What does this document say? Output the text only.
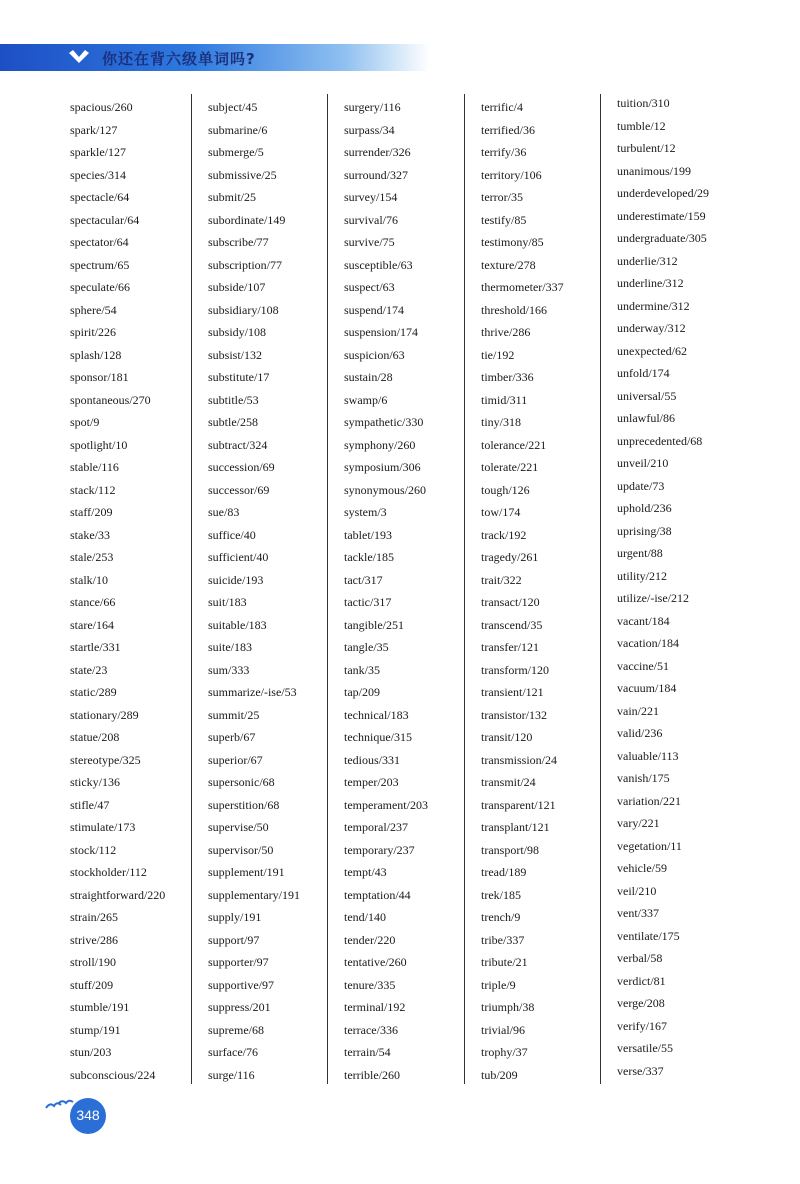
你还在背六级单词吗?
spacious/260
spark/127
sparkle/127
species/314
spectacle/64
spectacular/64
spectator/64
spectrum/65
speculate/66
sphere/54
spirit/226
splash/128
sponsor/181
spontaneous/270
spot/9
spotlight/10
stable/116
stack/112
staff/209
stake/33
stale/253
stalk/10
stance/66
stare/164
startle/331
state/23
static/289
stationary/289
statue/208
stereotype/325
sticky/136
stifle/47
stimulate/173
stock/112
stockholder/112
straightforward/220
strain/265
strive/286
stroll/190
stuff/209
stumble/191
stump/191
stun/203
subconscious/224
subject/45
submarine/6
submerge/5
submissive/25
submit/25
subordinate/149
subscribe/77
subscription/77
subside/107
subsidiary/108
subsidy/108
subsist/132
substitute/17
subtitle/53
subtle/258
subtract/324
succession/69
successor/69
sue/83
suffice/40
sufficient/40
suicide/193
suit/183
suitable/183
suite/183
sum/333
summarize/-ise/53
summit/25
superb/67
superior/67
supersonic/68
superstition/68
supervise/50
supervisor/50
supplement/191
supplementary/191
supply/191
support/97
supporter/97
supportive/97
suppress/201
supreme/68
surface/76
surge/116
surgery/116
surpass/34
surrender/326
surround/327
survey/154
survival/76
survive/75
susceptible/63
suspect/63
suspend/174
suspension/174
suspicion/63
sustain/28
swamp/6
sympathetic/330
symphony/260
symposium/306
synonymous/260
system/3
tablet/193
tackle/185
tact/317
tactic/317
tangible/251
tangle/35
tank/35
tap/209
technical/183
technique/315
tedious/331
temper/203
temperament/203
temporal/237
temporary/237
tempt/43
temptation/44
tend/140
tender/220
tentative/260
tenure/335
terminal/192
terrace/336
terrain/54
terrible/260
terrific/4
terrified/36
terrify/36
territory/106
terror/35
testify/85
testimony/85
texture/278
thermometer/337
threshold/166
thrive/286
tie/192
timber/336
timid/311
tiny/318
tolerance/221
tolerate/221
tough/126
tow/174
track/192
tragedy/261
trait/322
transact/120
transcend/35
transfer/121
transform/120
transient/121
transistor/132
transit/120
transmission/24
transmit/24
transparent/121
transplant/121
transport/98
tread/189
trek/185
trench/9
tribe/337
tribute/21
triple/9
triumph/38
trivial/96
trophy/37
tub/209
tuition/310
tumble/12
turbulent/12
unanimous/199
underdeveloped/29
underestimate/159
undergraduate/305
underlie/312
underline/312
undermine/312
underway/312
unexpected/62
unfold/174
universal/55
unlawful/86
unprecedented/68
unveil/210
update/73
uphold/236
uprising/38
urgent/88
utility/212
utilize/-ise/212
vacant/184
vacation/184
vaccine/51
vacuum/184
vain/221
valid/236
valuable/113
vanish/175
variation/221
vary/221
vegetation/11
vehicle/59
veil/210
vent/337
ventilate/175
verbal/58
verdict/81
verge/208
verify/167
versatile/55
verse/337
348
